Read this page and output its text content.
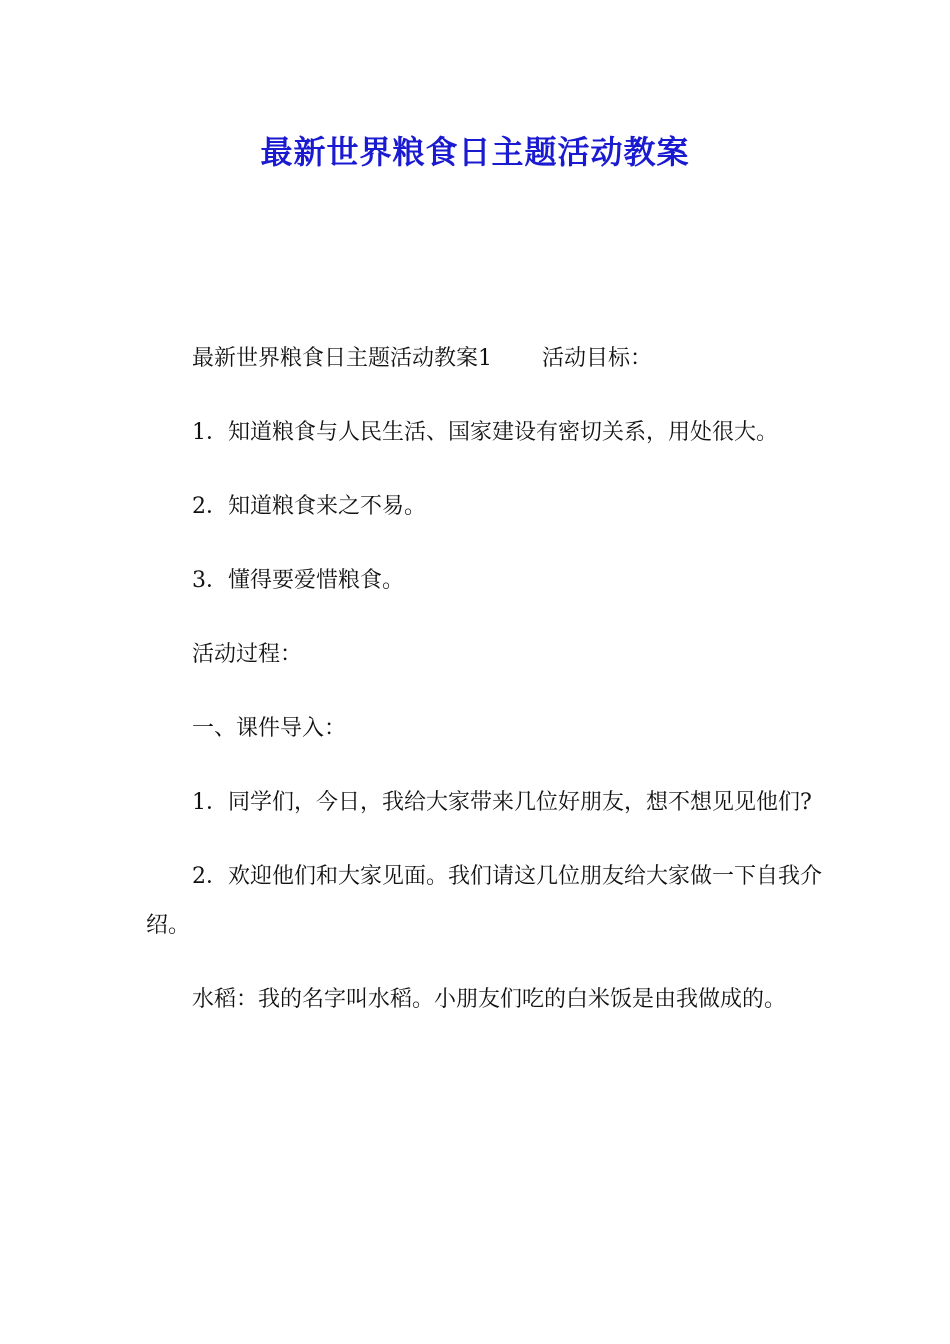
最新世界粮食日主题活动教案

最新世界粮食日主题活动教案1 活动目标：

1．知道粮食与人民生活、国家建设有密切关系，用处很大。

2．知道粮食来之不易。

3．懂得要爱惜粮食。

活动过程：

一、课件导入：

1．同学们，今日，我给大家带来几位好朋友，想不想见见他们?

2．欢迎他们和大家见面。我们请这几位朋友给大家做一下自我介绍。

水稻：我的名字叫水稻。小朋友们吃的白米饭是由我做成的。
